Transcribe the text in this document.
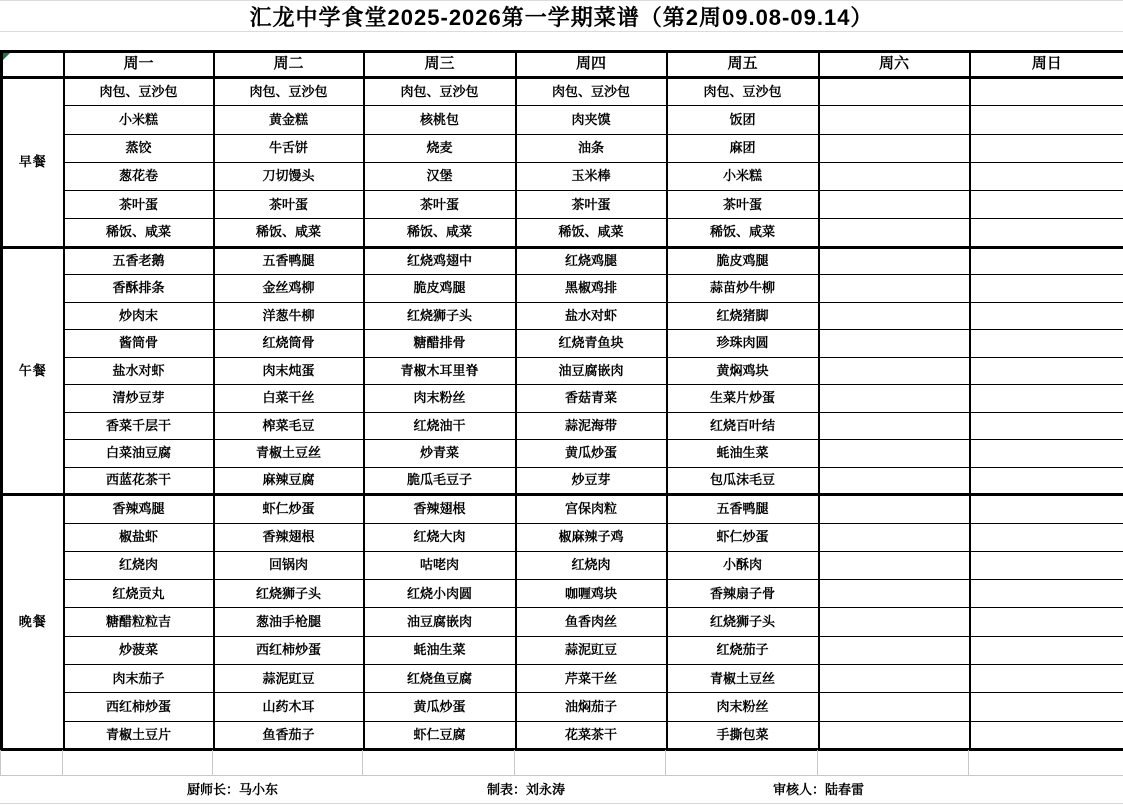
汇龙中学食堂2025-2026第一学期菜谱（第2周09.08-09.14）
	周一	周二	周三	周四	周五	周六	周日
早餐	肉包、豆沙包	肉包、豆沙包	肉包、豆沙包	肉包、豆沙包	肉包、豆沙包		
	小米糕	黄金糕	核桃包	肉夹馍	饭团		
	蒸饺	牛舌饼	烧麦	油条	麻团		
	葱花卷	刀切馒头	汉堡	玉米棒	小米糕		
	茶叶蛋	茶叶蛋	茶叶蛋	茶叶蛋	茶叶蛋		
	稀饭、咸菜	稀饭、咸菜	稀饭、咸菜	稀饭、咸菜	稀饭、咸菜		
午餐	五香老鹅	五香鸭腿	红烧鸡翅中	红烧鸡腿	脆皮鸡腿		
	香酥排条	金丝鸡柳	脆皮鸡腿	黑椒鸡排	蒜苗炒牛柳		
	炒肉末	洋葱牛柳	红烧狮子头	盐水对虾	红烧猪脚		
	酱筒骨	红烧筒骨	糖醋排骨	红烧青鱼块	珍珠肉圆		
	盐水对虾	肉末炖蛋	青椒木耳里脊	油豆腐嵌肉	黄焖鸡块		
	清炒豆芽	白菜干丝	肉末粉丝	香菇青菜	生菜片炒蛋		
	香菜千层干	榨菜毛豆	红烧油干	蒜泥海带	红烧百叶结		
	白菜油豆腐	青椒土豆丝	炒青菜	黄瓜炒蛋	蚝油生菜		
	西蓝花茶干	麻辣豆腐	脆瓜毛豆子	炒豆芽	包瓜沫毛豆		
晚餐	香辣鸡腿	虾仁炒蛋	香辣翅根	宫保肉粒	五香鸭腿		
	椒盐虾	香辣翅根	红烧大肉	椒麻辣子鸡	虾仁炒蛋		
	红烧肉	回锅肉	咕咾肉	红烧肉	小酥肉		
	红烧贡丸	红烧狮子头	红烧小肉圆	咖喱鸡块	香辣扇子骨		
	糖醋粒粒吉	葱油手枪腿	油豆腐嵌肉	鱼香肉丝	红烧狮子头		
	炒菠菜	西红柿炒蛋	蚝油生菜	蒜泥豇豆	红烧茄子		
	肉末茄子	蒜泥豇豆	红烧鱼豆腐	芹菜干丝	青椒土豆丝		
	西红柿炒蛋	山药木耳	黄瓜炒蛋	油焖茄子	肉末粉丝		
	青椒土豆片	鱼香茄子	虾仁豆腐	花菜茶干	手撕包菜		

厨师长：马小东	制表：刘永涛	审核人：陆春雷
